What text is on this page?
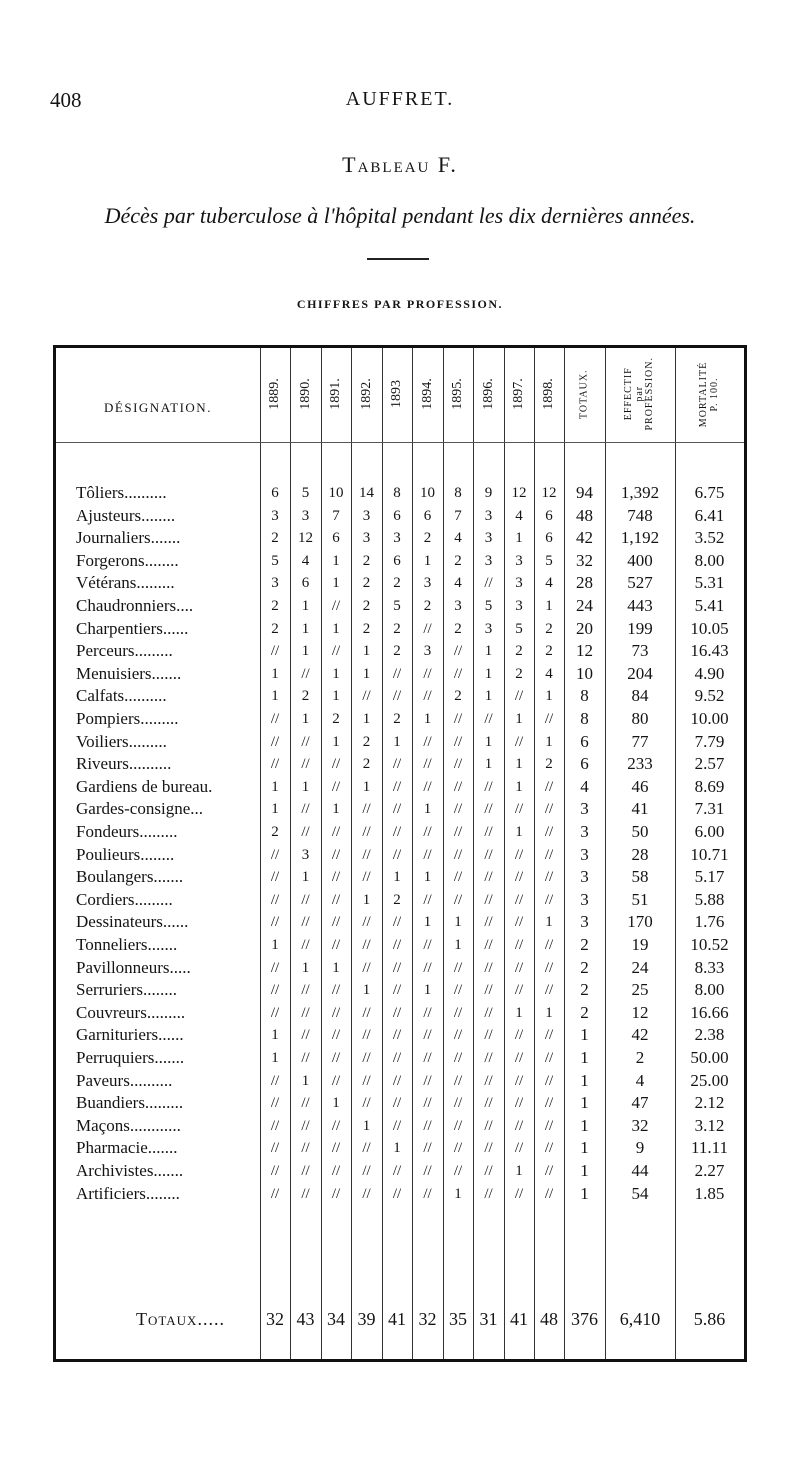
408	AUFFRET.
Tableau F.
Décès par tuberculose à l'hôpital pendant les dix dernières années.
CHIFFRES PAR PROFESSION.
DÉSIGNATION.	1889. 1890. 1891. 1892. 1893 1894. 1895. 1896. 1897. 1898. TOTAUX.	EFFECTIF par PROFESSION.	MORTALITÉ P. 100.
Tôliers..........	6	5	10	14	8	10	8	9	12	12	94	1,392	6.75
Ajusteurs........	3	3	7	3	6	6	7	3	4	6	48	748	6.41
Journaliers.......	2	12	6	3	3	2	4	3	1	6	42	1,192	3.52
Forgerons........	5	4	1	2	6	1	2	3	3	5	32	400	8.00
Vétérans.........	3	6	1	2	2	3	4	//	3	4	28	527	5.31
Chaudronniers....	2	1	//	2	5	2	3	5	3	1	24	443	5.41
Charpentiers......	2	1	1	2	2	//	2	3	5	2	20	199	10.05
Perceurs.........	//	1	//	1	2	3	//	1	2	2	12	73	16.43
Menuisiers.......	1	//	1	1	//	//	//	1	2	4	10	204	4.90
Calfats..........	1	2	1	//	//	//	2	1	//	1	8	84	9.52
Pompiers.........	//	1	2	1	2	1	//	//	1	//	8	80	10.00
Voiliers.........	//	//	1	2	1	//	//	1	//	1	6	77	7.79
Riveurs..........	//	//	//	2	//	//	//	1	1	2	6	233	2.57
Gardiens de bureau.	1	1	//	1	//	//	//	//	1	//	4	46	8.69
Gardes-consigne...	1	//	1	//	//	1	//	//	//	//	3	41	7.31
Fondeurs.........	2	//	//	//	//	//	//	//	1	//	3	50	6.00
Poulieurs........	//	3	//	//	//	//	//	//	//	//	3	28	10.71
Boulangers.......	//	1	//	//	1	1	//	//	//	//	3	58	5.17
Cordiers.........	//	//	//	1	2	//	//	//	//	//	3	51	5.88
Dessinateurs......	//	//	//	//	//	1	1	//	//	1	3	170	1.76
Tonneliers.......	1	//	//	//	//	//	1	//	//	//	2	19	10.52
Pavillonneurs.....	//	1	1	//	//	//	//	//	//	//	2	24	8.33
Serruriers........	//	//	//	1	//	1	//	//	//	//	2	25	8.00
Couvreurs.........	//	//	//	//	//	//	//	//	1	1	2	12	16.66
Garnituriers......	1	//	//	//	//	//	//	//	//	//	1	42	2.38
Perruquiers.......	1	//	//	//	//	//	//	//	//	//	1	2	50.00
Paveurs..........	//	1	//	//	//	//	//	//	//	//	1	4	25.00
Buandiers.........	//	//	1	//	//	//	//	//	//	//	1	47	2.12
Maçons............	//	//	//	1	//	//	//	//	//	//	1	32	3.12
Pharmacie.......	//	//	//	//	1	//	//	//	//	//	1	9	11.11
Archivistes.......	//	//	//	//	//	//	//	//	1	//	1	44	2.27
Artificiers........	//	//	//	//	//	//	1	//	//	//	1	54	1.85
Totaux.....	32 43 34 39 41 32 35 31 41 48 376	6,410	5.86
